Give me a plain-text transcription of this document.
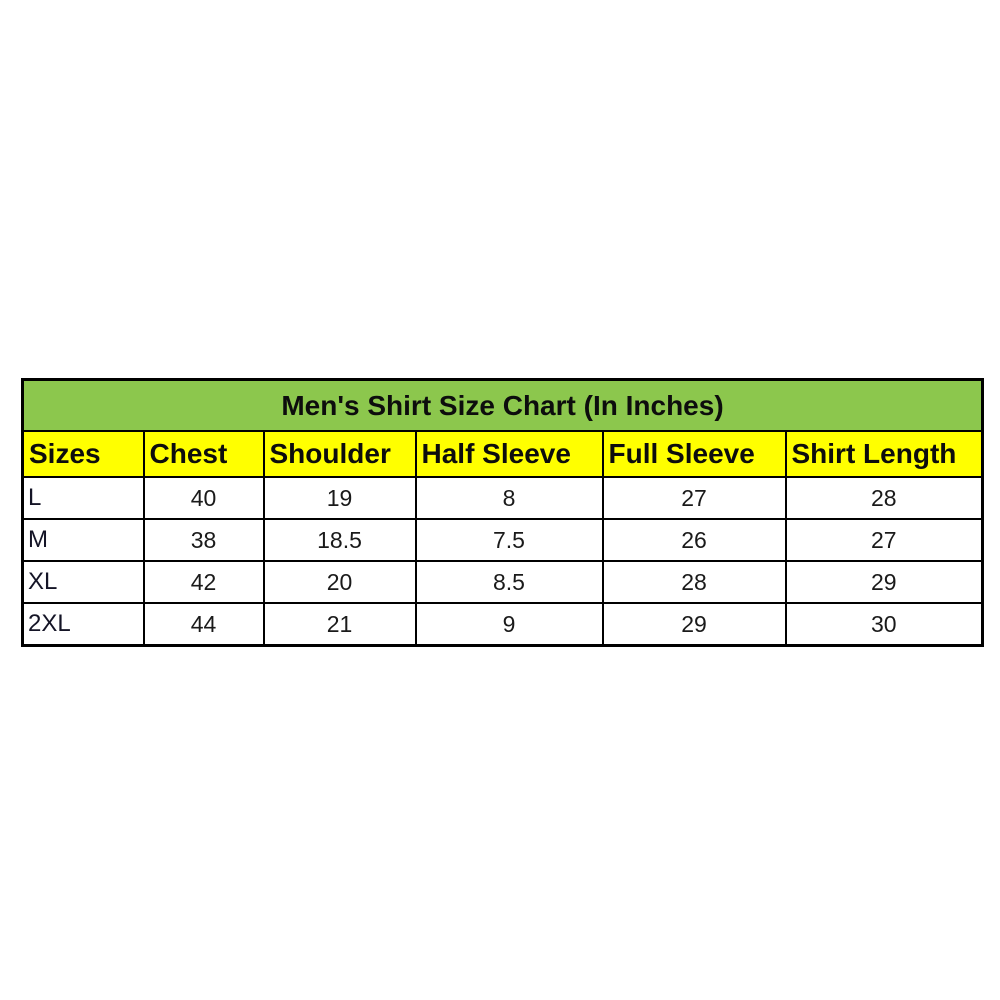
Men's Shirt Size Chart (In Inches)					
Sizes	Chest	Shoulder	Half Sleeve	Full Sleeve	Shirt Length
L	40	19	8	27	28
M	38	18.5	7.5	26	27
XL	42	20	8.5	28	29
2XL	44	21	9	29	30
